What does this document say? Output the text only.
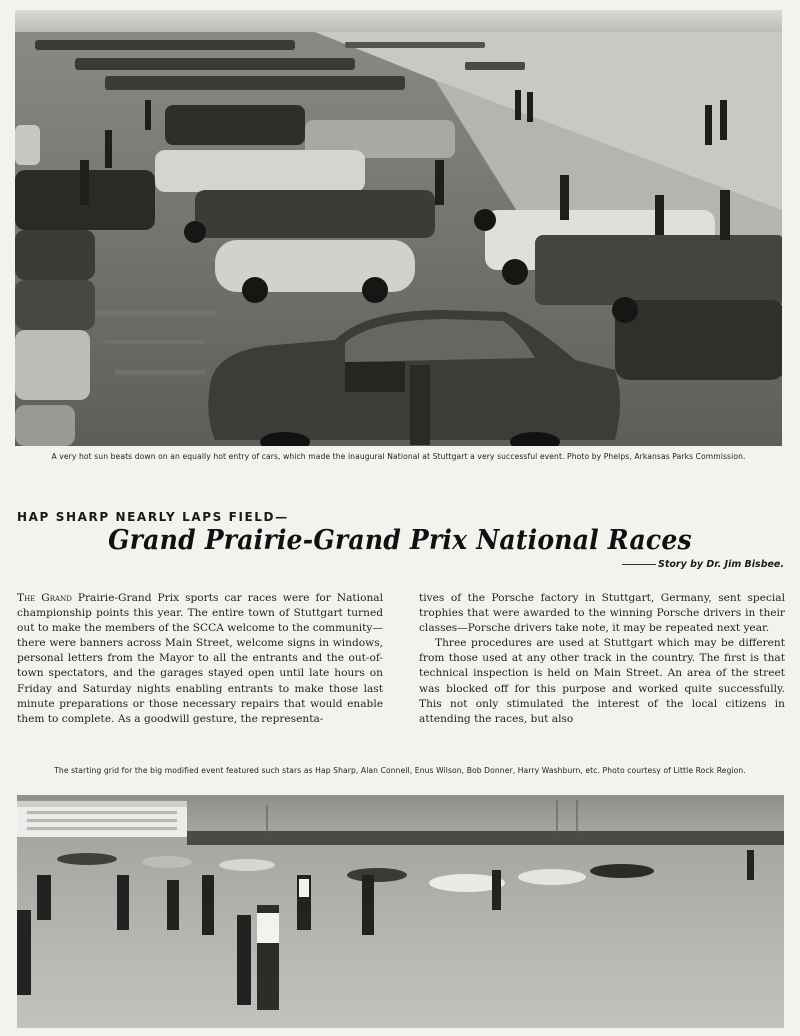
A very hot sun beats down on an equally hot entry of cars, which made the inaugural National at Stuttgart a very successful event. Photo by Phelps, Arkansas Parks Commission.
HAP SHARP NEARLY LAPS FIELD—
Grand Prairie-Grand Prix National Races
Story by Dr. Jim Bisbee.

The Grand Prairie-Grand Prix sports car races were for National championship points this year. The entire town of Stuttgart turned out to make the members of the SCCA welcome to the community—there were banners across Main Street, welcome signs in windows, personal letters from the Mayor to all the entrants and the out-of-town spectators, and the garages stayed open until late hours on Friday and Saturday nights enabling entrants to make those last minute preparations or those necessary repairs that would enable them to complete. As a goodwill gesture, the representa-

tives of the Porsche factory in Stuttgart, Germany, sent special trophies that were awarded to the winning Porsche drivers in their classes—Porsche drivers take note, it may be repeated next year.

Three procedures are used at Stuttgart which may be different from those used at any other track in the country. The first is that technical inspection is held on Main Street. An area of the street was blocked off for this purpose and worked quite successfully. This not only stimulated the interest of the local citizens in attending the races, but also

The starting grid for the big modified event featured such stars as Hap Sharp, Alan Connell, Enus Wilson, Bob Donner, Harry Washburn, etc. Photo courtesy of Little Rock Region.
